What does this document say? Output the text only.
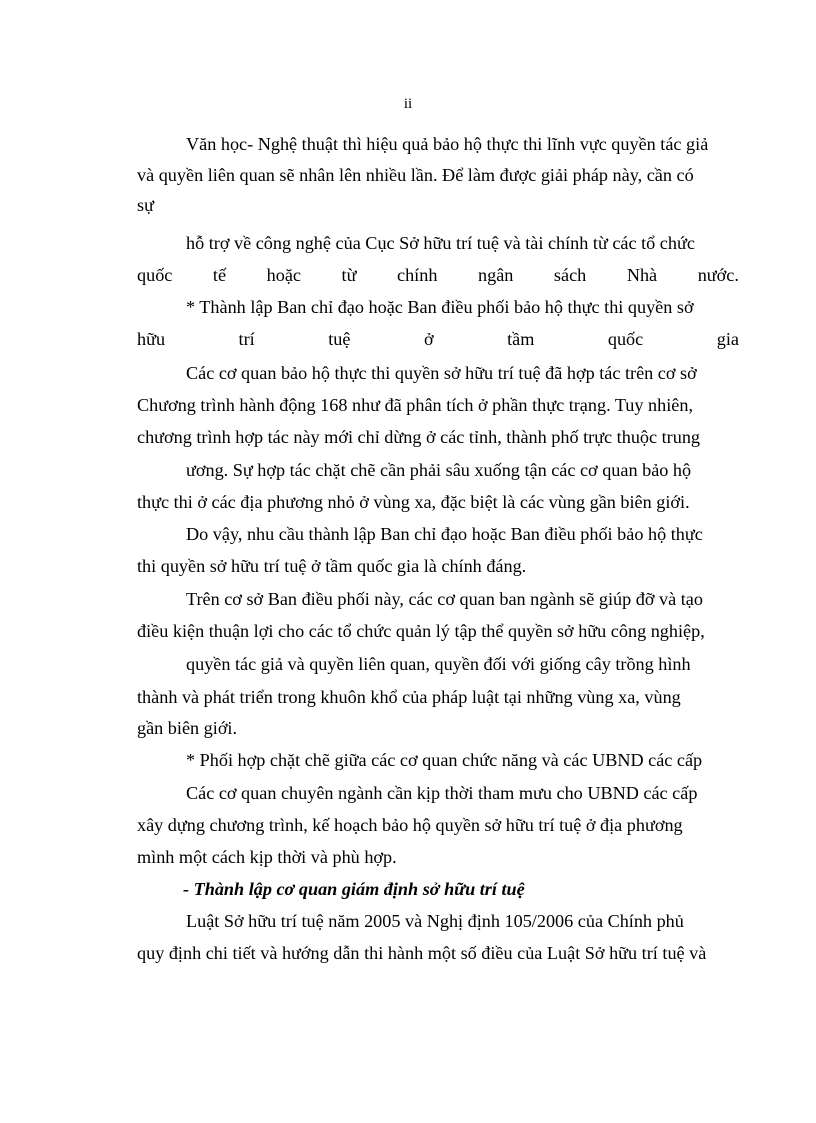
ii
Văn học- Nghệ thuật thì hiệu quả bảo hộ thực thi lĩnh vực quyền tác giả
và quyền liên quan sẽ nhân lên nhiều lần. Để làm được giải pháp này, cần có
sự
hỗ trợ về công nghệ của Cục Sở hữu trí tuệ và tài chính từ các tổ chức
quốc tế hoặc từ chính ngân sách Nhà nước.
* Thành lập Ban chỉ đạo hoặc Ban điều phối bảo hộ thực thi quyền sở
hữu	trí	tuệ	ở	tầm	quốc	gia
Các cơ quan bảo hộ thực thi quyền sở hữu trí tuệ đã hợp tác trên cơ sở
Chương trình hành động 168 như đã phân tích ở phần thực trạng. Tuy nhiên,
chương trình hợp tác này mới chỉ dừng ở các tỉnh, thành phố trực thuộc trung
ương. Sự hợp tác chặt chẽ cần phải sâu xuống tận các cơ quan bảo hộ
thực thi ở các địa phương nhỏ ở vùng xa, đặc biệt là các vùng gần biên giới.
Do vậy, nhu cầu thành lập Ban chỉ đạo hoặc Ban điều phối bảo hộ thực
thi quyền sở hữu trí tuệ ở tầm quốc gia là chính đáng.
Trên cơ sở Ban điều phối này, các cơ quan ban ngành sẽ giúp đỡ và tạo
điều kiện thuận lợi cho các tổ chức quản lý tập thể quyền sở hữu công nghiệp,
quyền tác giả và quyền liên quan, quyền đối với giống cây trồng hình
thành và phát triển trong khuôn khổ của pháp luật tại những vùng xa, vùng
gần biên giới.
* Phối hợp chặt chẽ giữa các cơ quan chức năng và các UBND các cấp
Các cơ quan chuyên ngành cần kịp thời tham mưu cho UBND các cấp
xây dựng chương trình, kế hoạch bảo hộ quyền sở hữu trí tuệ ở địa phương
mình một cách kịp thời và phù hợp.
- Thành lập cơ quan giám định sở hữu trí tuệ
Luật Sở hữu trí tuệ năm 2005 và Nghị định 105/2006 của Chính phủ
quy định chi tiết và hướng dẫn thi hành một số điều của Luật Sở hữu trí tuệ và
